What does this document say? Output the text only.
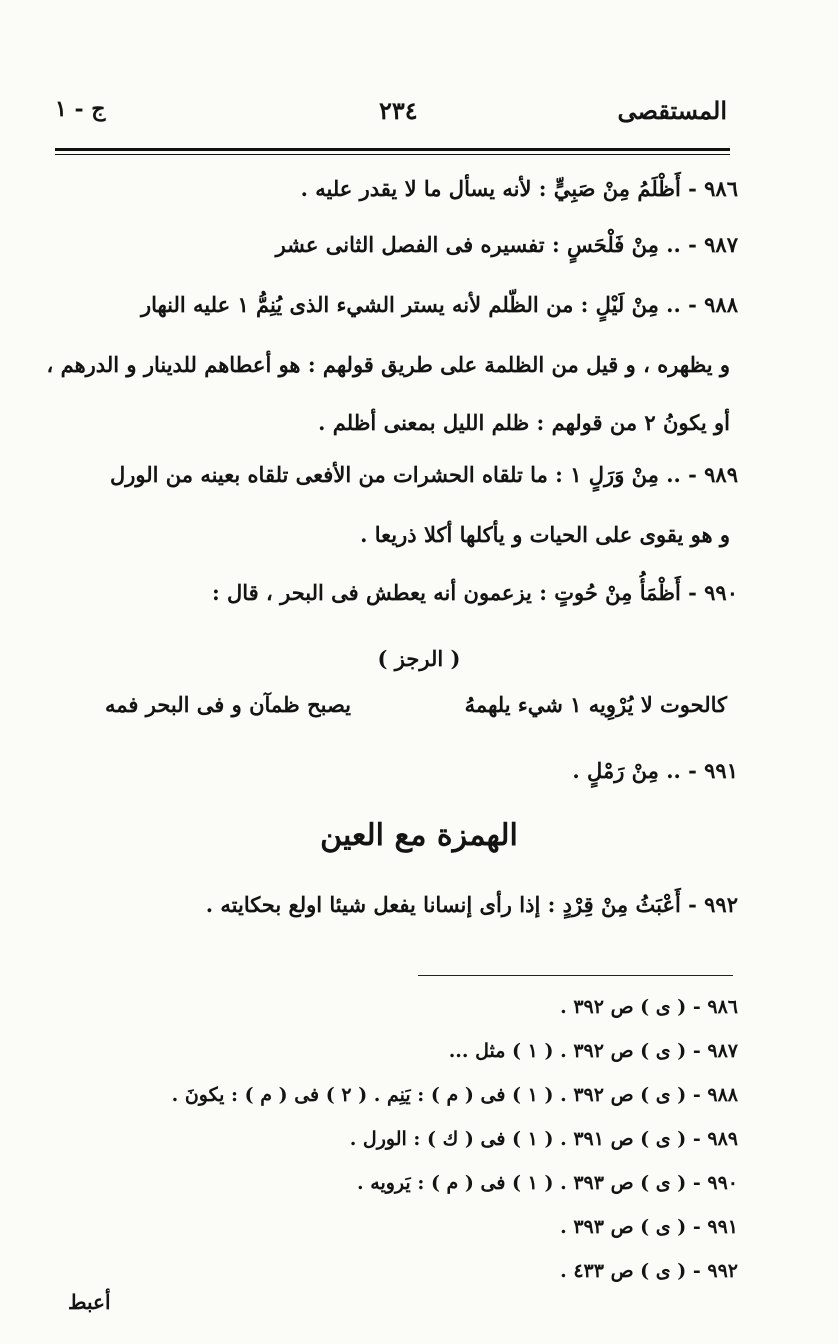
المستقصى
٢٣٤
ج - ١
٩٨٦ - أَظْلَمُ مِنْ صَبِيٍّ : لأنه يسأل ما لا يقدر عليه .
٩٨٧ - .. مِنْ فَلْحَسٍ : تفسيره فى الفصل الثانى عشر
٩٨٨ - .. مِنْ لَيْلٍ : من الظّلم لأنه يستر الشيء الذى يُنِمُّ ١ عليه النهار
و يظهره ، و قيل من الظلمة على طريق قولهم : هو أعطاهم للدينار و الدرهم ،
أو يكونُ ٢ من قولهم : ظلم الليل بمعنى أظلم .
٩٨٩ - .. مِنْ وَرَلٍ ١ : ما تلقاه الحشرات من الأفعى تلقاه بعينه من الورل
و هو يقوى على الحيات و يأكلها أكلا ذريعا .
٩٩٠ - أَظْمَأُ مِنْ حُوتٍ : يزعمون أنه يعطش فى البحر ، قال :
( الرجز )
كالحوت لا يُرْوِيه ١ شيء يلهمهُ
يصبح ظمآن و فى البحر فمه
٩٩١ - .. مِنْ رَمْلٍ .
الهمزة مع العين
٩٩٢ - أَعْبَثُ مِنْ قِرْدٍ : إذا رأى إنسانا يفعل شيئا اولع بحكايته .
٩٨٦ - ( ى ) ص ٣٩٢ .
٩٨٧ - ( ى ) ص ٣٩٢ . ( ١ ) مثل ...
٩٨٨ - ( ى ) ص ٣٩٢ . ( ١ ) فى ( م ) : يَنِم . ( ٢ ) فى ( م ) : يكونَ .
٩٨٩ - ( ى ) ص ٣٩١ . ( ١ ) فى ( ك ) : الورل .
٩٩٠ - ( ى ) ص ٣٩٣ . ( ١ ) فى ( م ) : يَرويه .
٩٩١ - ( ى ) ص ٣٩٣ .
٩٩٢ - ( ى ) ص ٤٣٣ .
أعبط
